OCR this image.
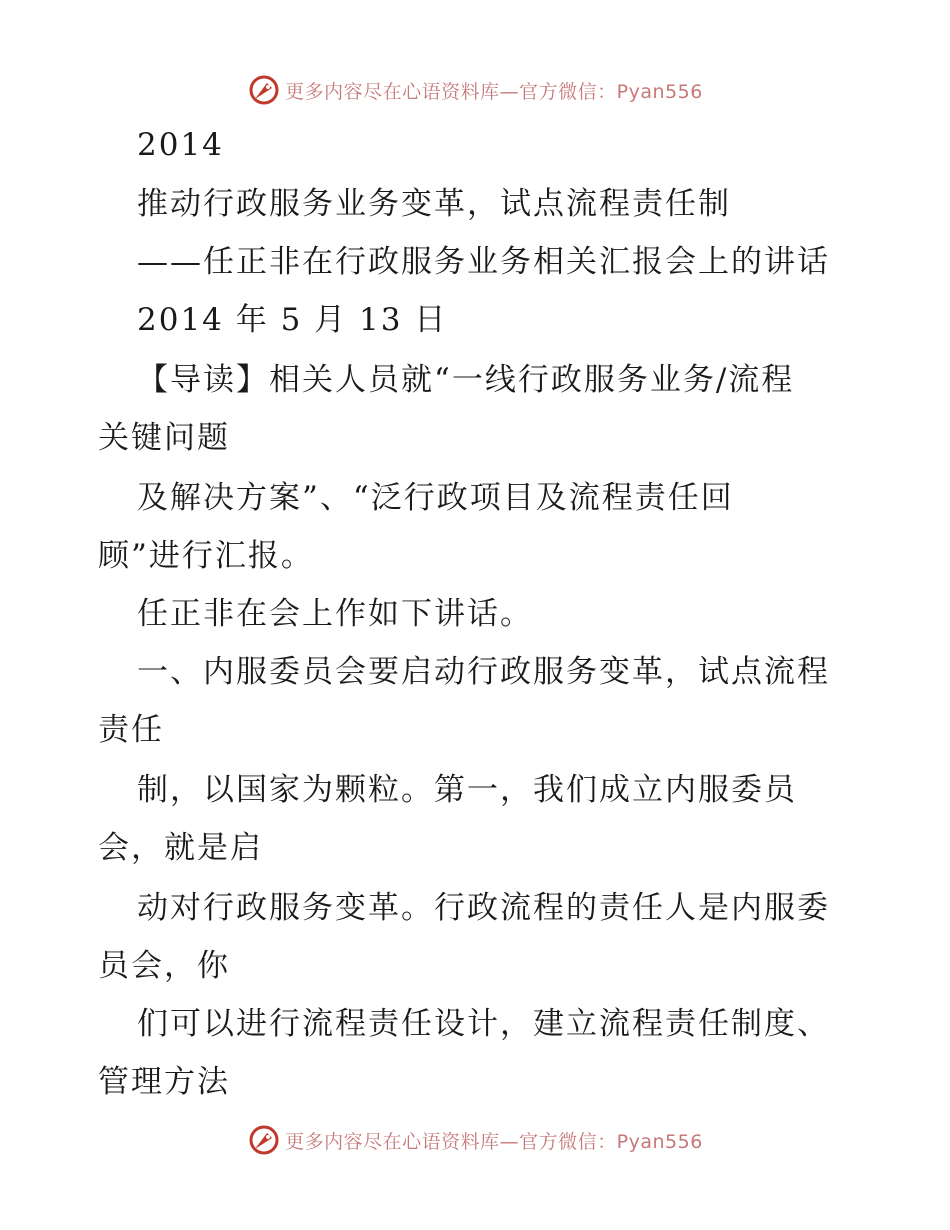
更多内容尽在心语资料库—官方微信：Pyan556
2014
推动行政服务业务变革，试点流程责任制
——任正非在行政服务业务相关汇报会上的讲话
2014 年 5 月 13 日
【导读】相关人员就“一线行政服务业务/流程
关键问题
及解决方案”、“泛行政项目及流程责任回
顾”进行汇报。
任正非在会上作如下讲话。
一、内服委员会要启动行政服务变革，试点流程
责任
制，以国家为颗粒。第一，我们成立内服委员
会，就是启
动对行政服务变革。行政流程的责任人是内服委
员会，你
们可以进行流程责任设计，建立流程责任制度、
管理方法
更多内容尽在心语资料库—官方微信：Pyan556
